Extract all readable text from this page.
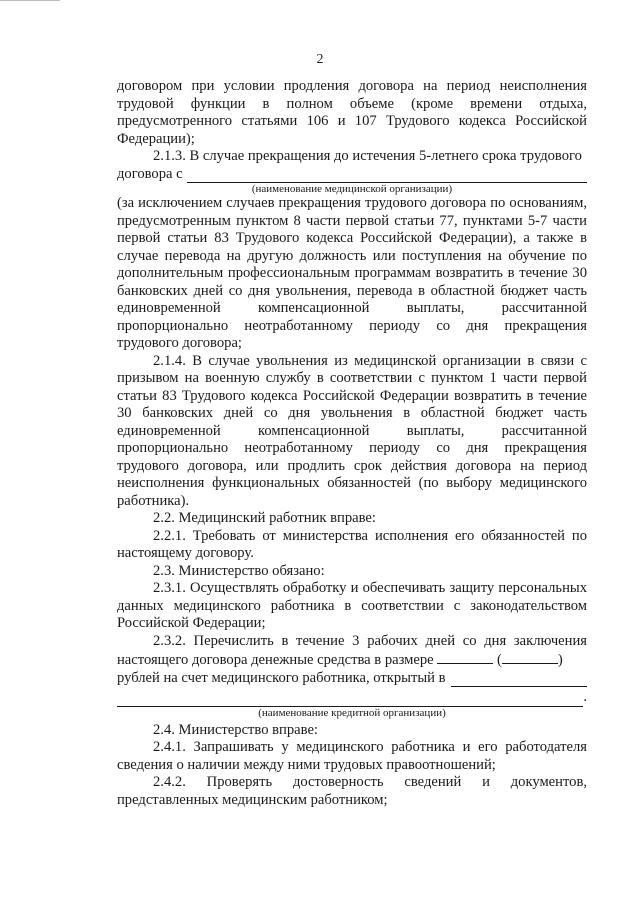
2

договором при условии продления договора на период неисполнения трудовой функции в полном объеме (кроме времени отдыха, предусмотренного статьями 106 и 107 Трудового кодекса Российской Федерации);

2.1.3. В случае прекращения до истечения 5-летнего срока трудового

договора с
(наименование медицинской организации)

(за исключением случаев прекращения трудового договора по основаниям, предусмотренным пунктом 8 части первой статьи 77, пунктами 5-7 части первой статьи 83 Трудового кодекса Российской Федерации), а также в случае перевода на другую должность или поступления на обучение по дополнительным профессиональным программам возвратить в течение 30 банковских дней со дня увольнения, перевода в областной бюджет часть единовременной компенсационной выплаты, рассчитанной пропорционально неотработанному периоду со дня прекращения трудового договора;

2.1.4. В случае увольнения из медицинской организации в связи с призывом на военную службу в соответствии с пунктом 1 части первой статьи 83 Трудового кодекса Российской Федерации возвратить в течение 30 банковских дней со дня увольнения в областной бюджет часть единовременной компенсационной выплаты, рассчитанной пропорционально неотработанному периоду со дня прекращения трудового договора, или продлить срок действия договора на период неисполнения функциональных обязанностей (по выбору медицинского работника).

2.2. Медицинский работник вправе:

2.2.1. Требовать от министерства исполнения его обязанностей по настоящему договору.

2.3. Министерство обязано:

2.3.1. Осуществлять обработку и обеспечивать защиту персональных данных медицинского работника в соответствии с законодательством Российской Федерации;

2.3.2. Перечислить в течение 3 рабочих дней со дня заключения настоящего договора денежные средства в размере	(	)

рублей на счет медицинского работника, открытый в
.
(наименование кредитной организации)

2.4. Министерство вправе:

2.4.1. Запрашивать у медицинского работника и его работодателя сведения о наличии между ними трудовых правоотношений;

2.4.2. Проверять достоверность сведений и документов, представленных медицинским работником;
